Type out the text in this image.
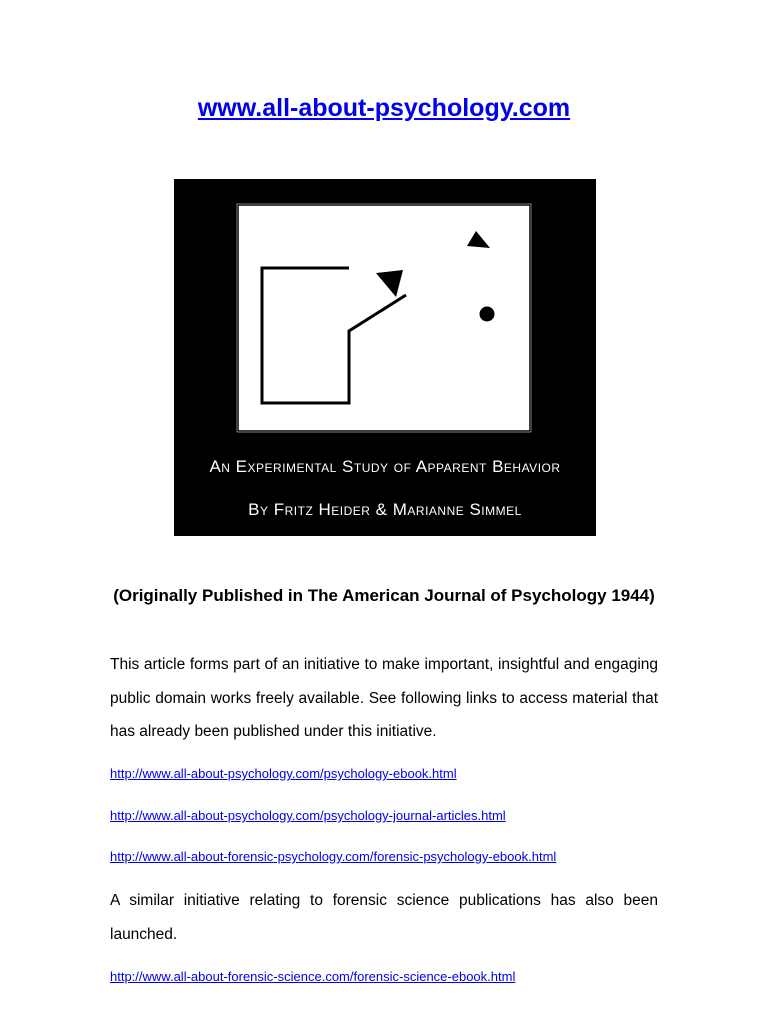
www.all-about-psychology.com
An Experimental Study of Apparent Behavior
By Fritz Heider & Marianne Simmel
(Originally Published in The American Journal of Psychology 1944)

This article forms part of an initiative to make important, insightful and engaging public domain works freely available. See following links to access material that has already been published under this initiative.

http://www.all-about-psychology.com/psychology-ebook.html
http://www.all-about-psychology.com/psychology-journal-articles.html
http://www.all-about-forensic-psychology.com/forensic-psychology-ebook.html

A similar initiative relating to forensic science publications has also been launched.

http://www.all-about-forensic-science.com/forensic-science-ebook.html
